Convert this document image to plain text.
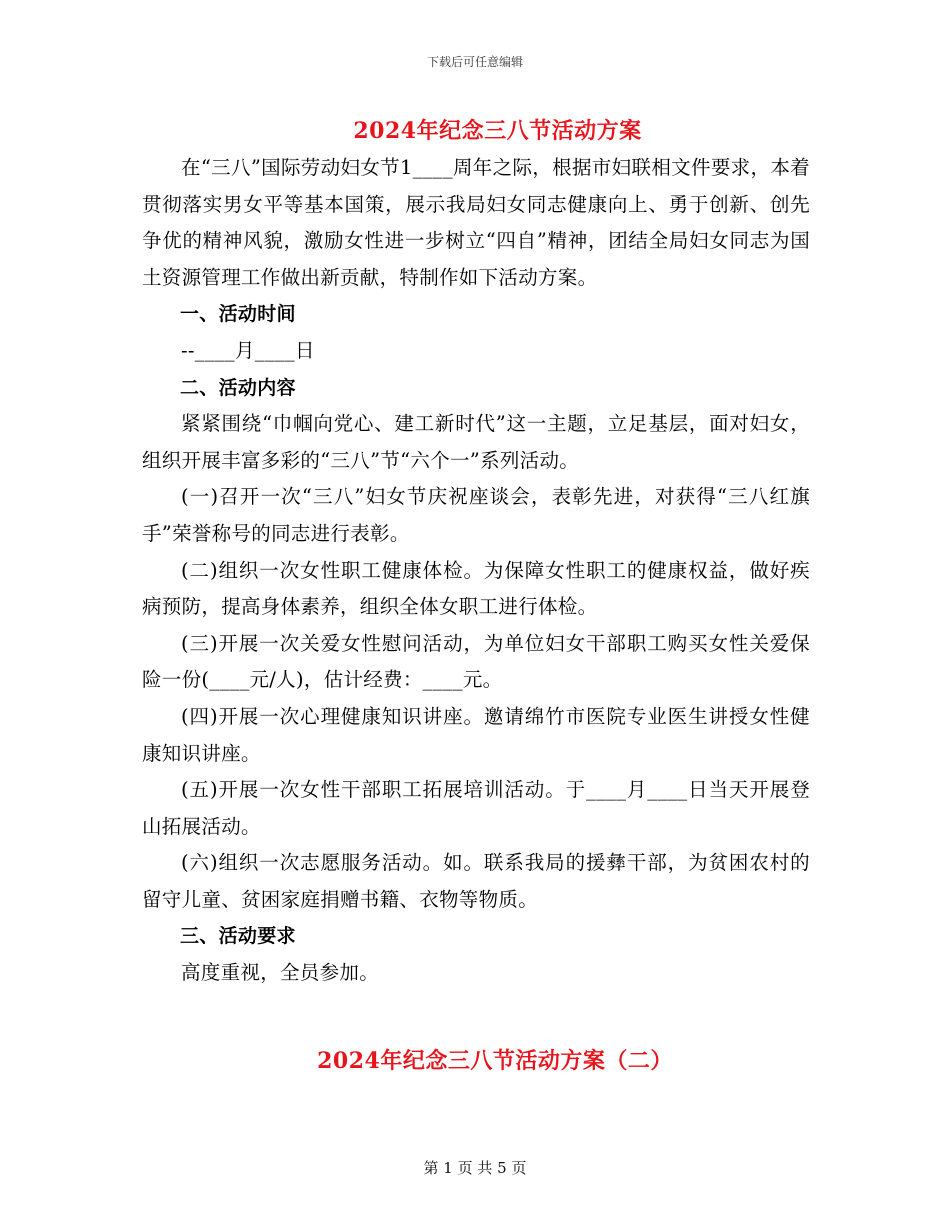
下载后可任意编辑
2024年纪念三八节活动方案

在“三八”国际劳动妇女节1____周年之际，根据市妇联相文件要求，本着贯彻落实男女平等基本国策，展示我局妇女同志健康向上、勇于创新、创先争优的精神风貌，激励女性进一步树立“四自”精神，团结全局妇女同志为国土资源管理工作做出新贡献，特制作如下活动方案。

一、活动时间

--____月____日

二、活动内容

紧紧围绕“巾帼向党心、建工新时代”这一主题，立足基层，面对妇女，组织开展丰富多彩的“三八”节“六个一”系列活动。

(一)召开一次“三八”妇女节庆祝座谈会，表彰先进，对获得“三八红旗手”荣誉称号的同志进行表彰。

(二)组织一次女性职工健康体检。为保障女性职工的健康权益，做好疾病预防，提高身体素养，组织全体女职工进行体检。

(三)开展一次关爱女性慰问活动，为单位妇女干部职工购买女性关爱保险一份(____元/人)，估计经费：____元。

(四)开展一次心理健康知识讲座。邀请绵竹市医院专业医生讲授女性健康知识讲座。

(五)开展一次女性干部职工拓展培训活动。于____月____日当天开展登山拓展活动。

(六)组织一次志愿服务活动。如。联系我局的援彝干部，为贫困农村的留守儿童、贫困家庭捐赠书籍、衣物等物质。

三、活动要求

高度重视，全员参加。

2024年纪念三八节活动方案（二）
第 1 页 共 5 页
